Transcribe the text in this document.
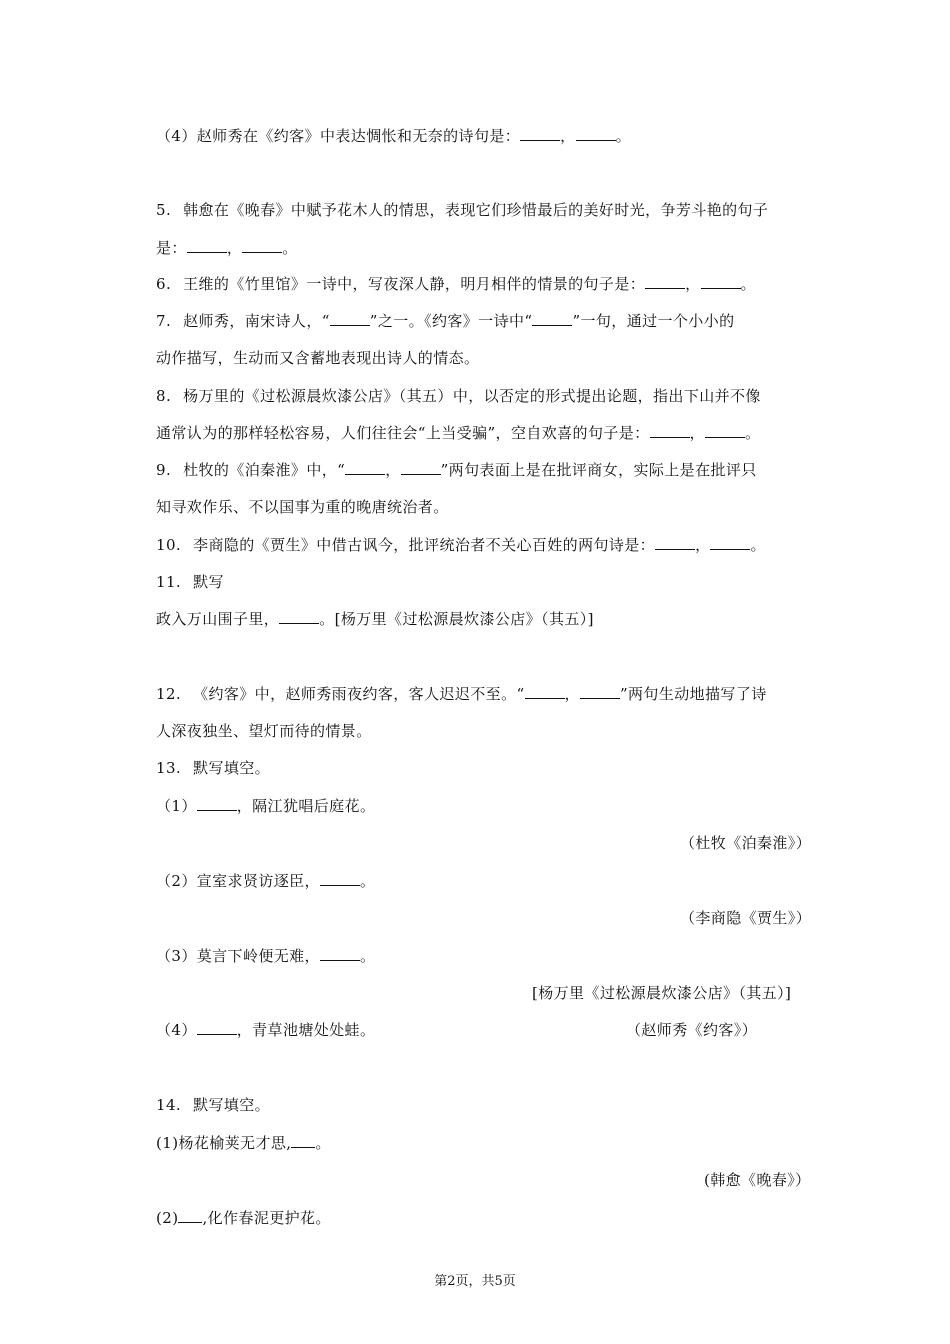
（4）赵师秀在《约客》中表达惆怅和无奈的诗句是：	，	。
5. 韩愈在《晚春》中赋予花木人的情思，表现它们珍惜最后的美好时光，争芳斗艳的句子
是：	，	。
6. 王维的《竹里馆》一诗中，写夜深人静，明月相伴的情景的句子是：	，	。
7. 赵师秀，南宋诗人，“	”之一。《约客》一诗中“	”一句，通过一个小小的
动作描写，生动而又含蓄地表现出诗人的情态。
8. 杨万里的《过松源晨炊漆公店》（其五）中，以否定的形式提出论题，指出下山并不像
通常认为的那样轻松容易，人们往往会“上当受骗”，空自欢喜的句子是：	，	。
9. 杜牧的《泊秦淮》中，“	，	”两句表面上是在批评商女，实际上是在批评只
知寻欢作乐、不以国事为重的晚唐统治者。
10. 李商隐的《贾生》中借古讽今，批评统治者不关心百姓的两句诗是：	，	。
11. 默写
政入万山围子里，	。[杨万里《过松源晨炊漆公店》（其五）]
12. 《约客》中，赵师秀雨夜约客，客人迟迟不至。“	，	”两句生动地描写了诗
人深夜独坐、望灯而待的情景。
13. 默写填空。
（1）	，隔江犹唱后庭花。
（杜牧《泊秦淮》）
（2）宣室求贤访逐臣，	。
（李商隐《贾生》）
（3）莫言下岭便无难，	。
[杨万里《过松源晨炊漆公店》（其五）]
（4）	，青草池塘处处蛙。	（赵师秀《约客》）
14. 默写填空。
(1)杨花榆荚无才思, 。
(韩愈《晚春》）
(2) ,化作春泥更护花。
第2页，共5页
